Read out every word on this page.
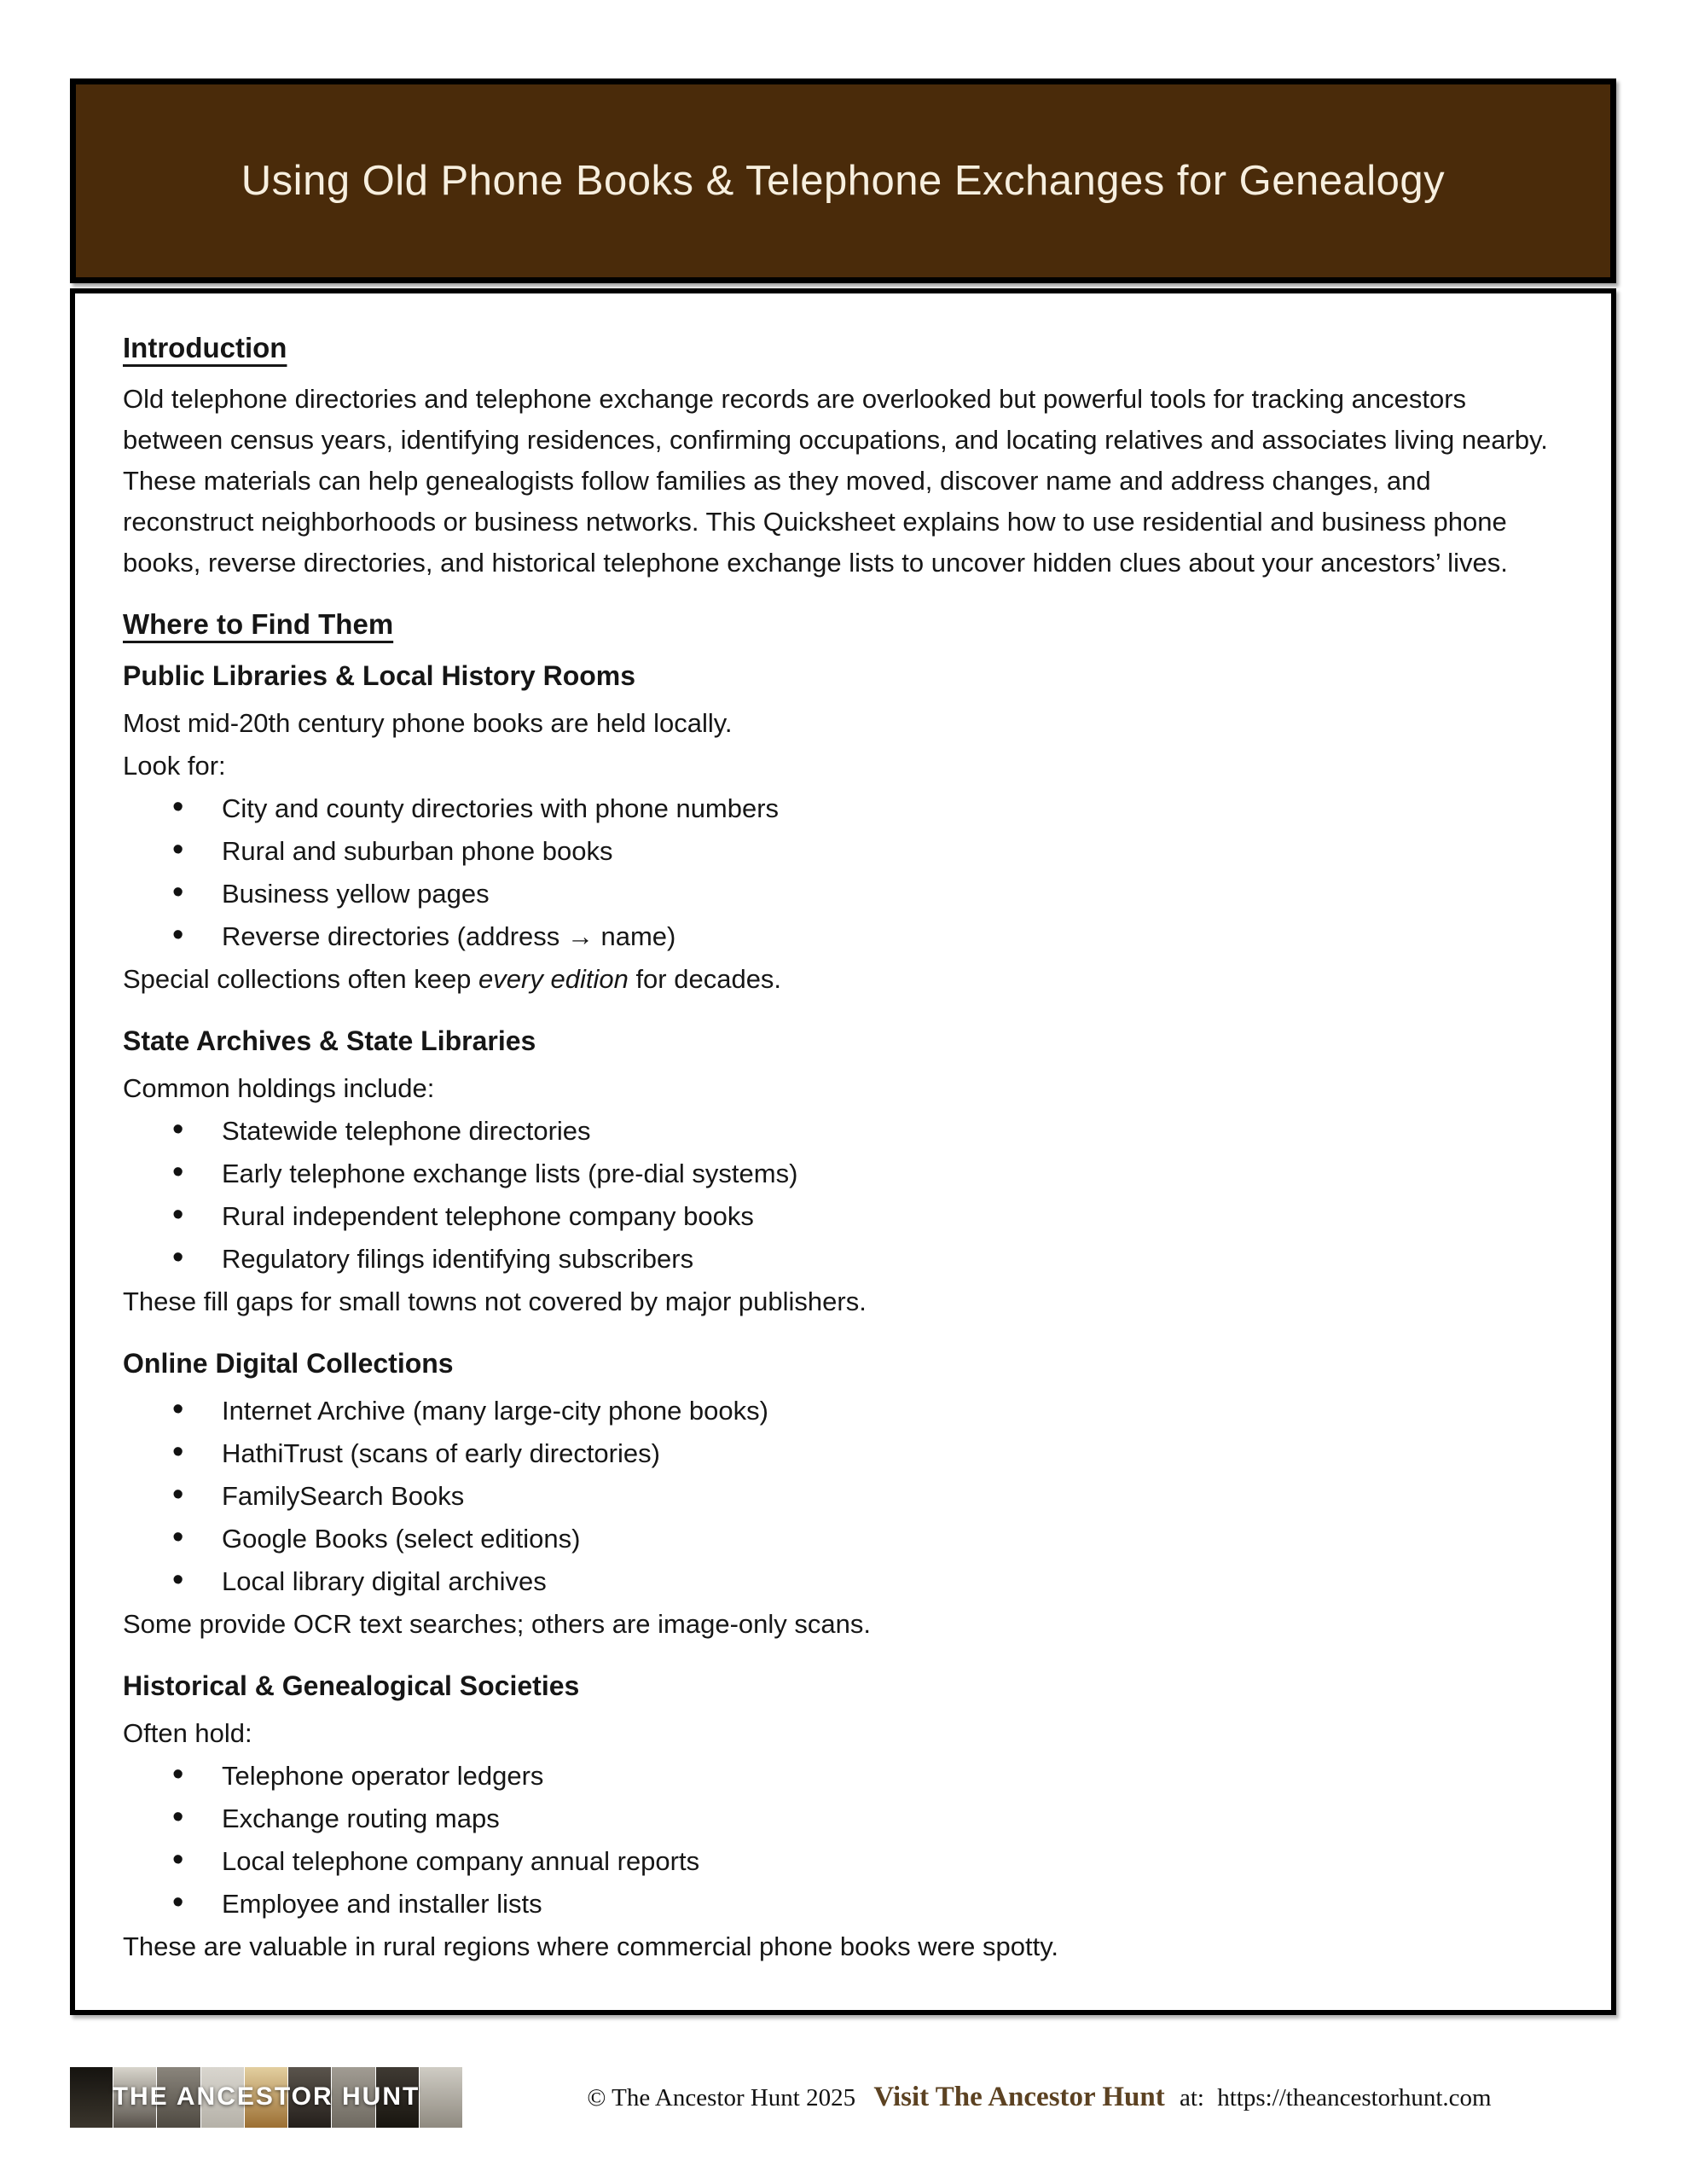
Using Old Phone Books & Telephone Exchanges for Genealogy
Introduction

Old telephone directories and telephone exchange records are overlooked but powerful tools for tracking ancestors between census years, identifying residences, confirming occupations, and locating relatives and associates living nearby. These materials can help genealogists follow families as they moved, discover name and address changes, and reconstruct neighborhoods or business networks. This Quicksheet explains how to use residential and business phone books, reverse directories, and historical telephone exchange lists to uncover hidden clues about your ancestors’ lives.

Where to Find Them
Public Libraries & Local History Rooms

Most mid-20th century phone books are held locally.

Look for:

• City and county directories with phone numbers
• Rural and suburban phone books
• Business yellow pages
• Reverse directories (address → name)

Special collections often keep every edition for decades.

State Archives & State Libraries

Common holdings include:

• Statewide telephone directories
• Early telephone exchange lists (pre-dial systems)
• Rural independent telephone company books
• Regulatory filings identifying subscribers

These fill gaps for small towns not covered by major publishers.

Online Digital Collections
• Internet Archive (many large-city phone books)
• HathiTrust (scans of early directories)
• FamilySearch Books
• Google Books (select editions)
• Local library digital archives

Some provide OCR text searches; others are image-only scans.

Historical & Genealogical Societies

Often hold:

• Telephone operator ledgers
• Exchange routing maps
• Local telephone company annual reports
• Employee and installer lists

These are valuable in rural regions where commercial phone books were spotty.

THE ANCESTOR HUNT	© The Ancestor Hunt 2025 Visit The Ancestor Hunt at: https://theancestorhunt.com
